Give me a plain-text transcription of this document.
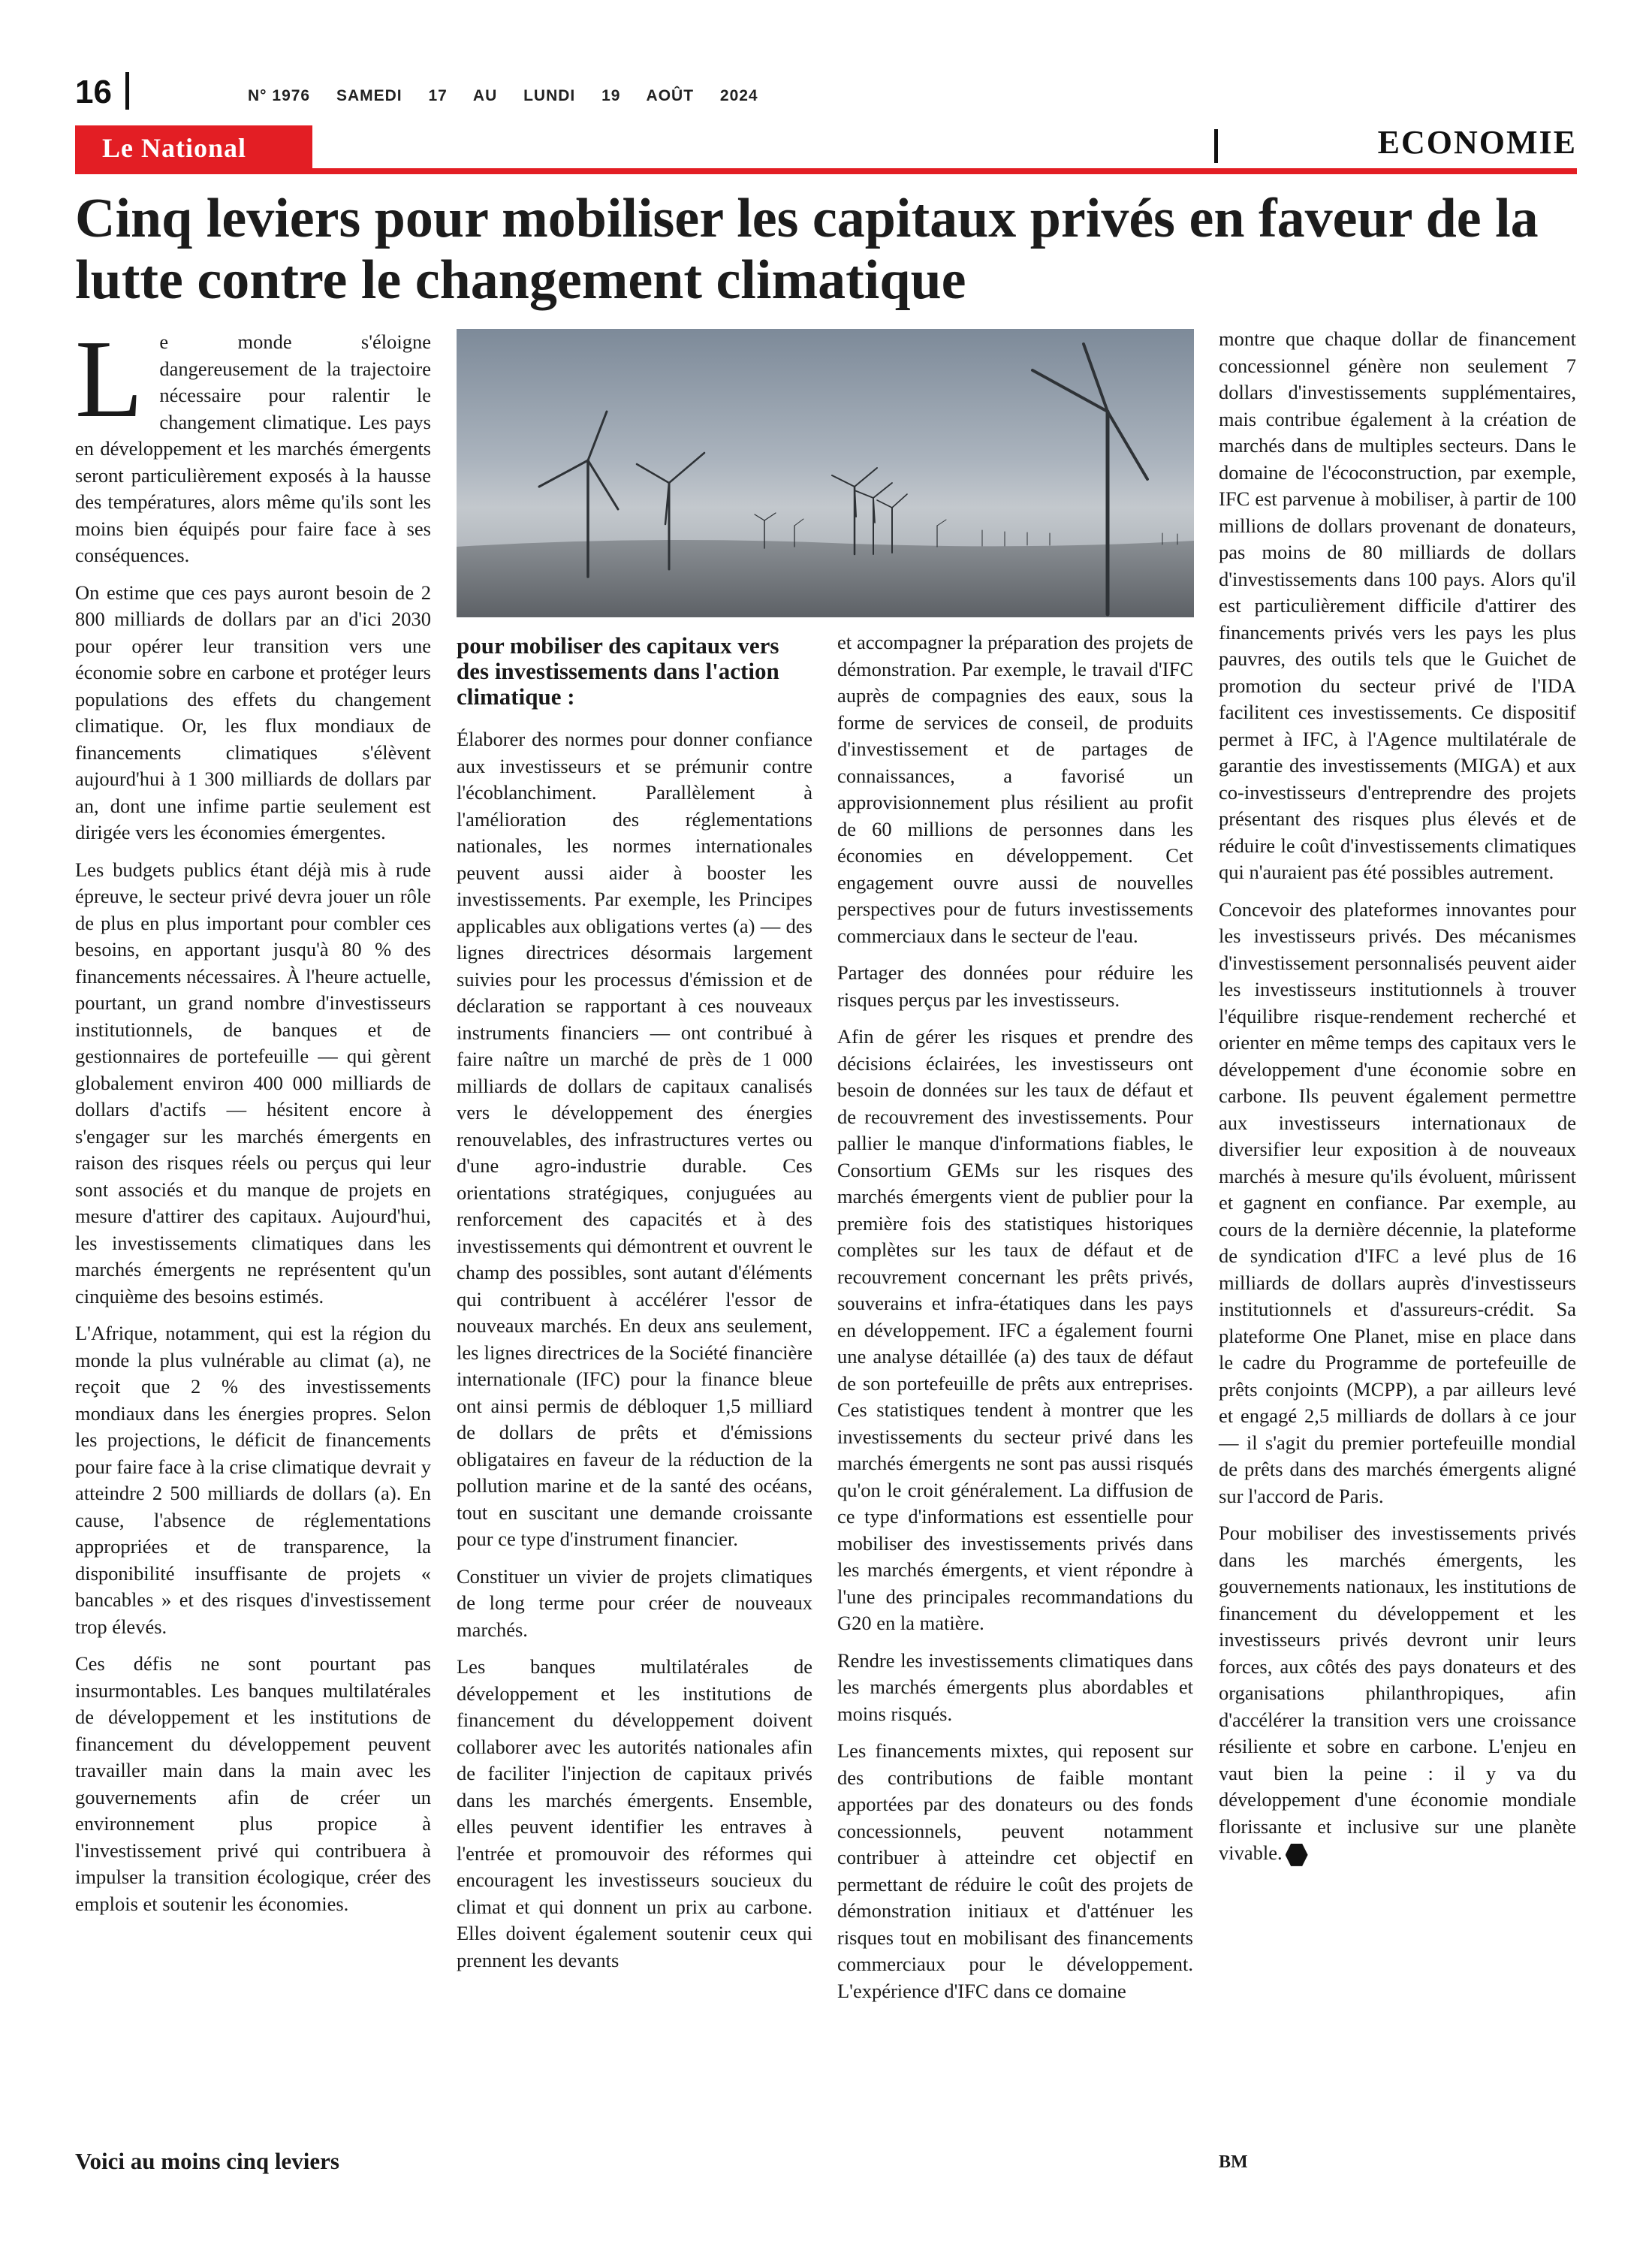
16	N° 1976 SAMEDI 17 AU LUNDI 19 AOÛT 2024
Le National	ECONOMIE
Cinq leviers pour mobiliser les capitaux privés en faveur de la lutte contre le changement climatique

Le monde s'éloigne dangereusement de la trajectoire nécessaire pour ralentir le changement climatique. Les pays en développement et les marchés émergents seront particulièrement exposés à la hausse des températures, alors même qu'ils sont les moins bien équipés pour faire face à ses conséquences.

On estime que ces pays auront besoin de 2 800 milliards de dollars par an d'ici 2030 pour opérer leur transition vers une économie sobre en carbone et protéger leurs populations des effets du changement climatique. Or, les flux mondiaux de financements climatiques s'élèvent aujourd'hui à 1 300 milliards de dollars par an, dont une infime partie seulement est dirigée vers les économies émergentes.

Les budgets publics étant déjà mis à rude épreuve, le secteur privé devra jouer un rôle de plus en plus important pour combler ces besoins, en apportant jusqu'à 80 % des financements nécessaires. À l'heure actuelle, pourtant, un grand nombre d'investisseurs institutionnels, de banques et de gestionnaires de portefeuille — qui gèrent globalement environ 400 000 milliards de dollars d'actifs — hésitent encore à s'engager sur les marchés émergents en raison des risques réels ou perçus qui leur sont associés et du manque de projets en mesure d'attirer des capitaux. Aujourd'hui, les investissements climatiques dans les marchés émergents ne représentent qu'un cinquième des besoins estimés.

L'Afrique, notamment, qui est la région du monde la plus vulnérable au climat (a), ne reçoit que 2 % des investissements mondiaux dans les énergies propres. Selon les projections, le déficit de financements pour faire face à la crise climatique devrait y atteindre 2 500 milliards de dollars (a). En cause, l'absence de réglementations appropriées et de transparence, la disponibilité insuffisante de projets « bancables » et des risques d'investissement trop élevés.

Ces défis ne sont pourtant pas insurmontables. Les banques multilatérales de développement et les institutions de financement du développement peuvent travailler main dans la main avec les gouvernements afin de créer un environnement plus propice à l'investissement privé qui contribuera à impulser la transition écologique, créer des emplois et soutenir les économies.

Voici au moins cinq leviers

pour mobiliser des capitaux vers des investissements dans l'action climatique :

Élaborer des normes pour donner confiance aux investisseurs et se prémunir contre l'écoblanchiment. Parallèlement à l'amélioration des réglementations nationales, les normes internationales peuvent aussi aider à booster les investissements. Par exemple, les Principes applicables aux obligations vertes (a) — des lignes directrices désormais largement suivies pour les processus d'émission et de déclaration se rapportant à ces nouveaux instruments financiers — ont contribué à faire naître un marché de près de 1 000 milliards de dollars de capitaux canalisés vers le développement des énergies renouvelables, des infrastructures vertes ou d'une agro-industrie durable. Ces orientations stratégiques, conjuguées au renforcement des capacités et à des investissements qui démontrent et ouvrent le champ des possibles, sont autant d'éléments qui contribuent à accélérer l'essor de nouveaux marchés. En deux ans seulement, les lignes directrices de la Société financière internationale (IFC) pour la finance bleue ont ainsi permis de débloquer 1,5 milliard de dollars de prêts et d'émissions obligataires en faveur de la réduction de la pollution marine et de la santé des océans, tout en suscitant une demande croissante pour ce type d'instrument financier.

Constituer un vivier de projets climatiques de long terme pour créer de nouveaux marchés.

Les banques multilatérales de développement et les institutions de financement du développement doivent collaborer avec les autorités nationales afin de faciliter l'injection de capitaux privés dans les marchés émergents. Ensemble, elles peuvent identifier les entraves à l'entrée et promouvoir des réformes qui encouragent les investisseurs soucieux du climat et qui donnent un prix au carbone. Elles doivent également soutenir ceux qui prennent les devants

et accompagner la préparation des projets de démonstration. Par exemple, le travail d'IFC auprès de compagnies des eaux, sous la forme de services de conseil, de produits d'investissement et de partages de connaissances, a favorisé un approvisionnement plus résilient au profit de 60 millions de personnes dans les économies en développement. Cet engagement ouvre aussi de nouvelles perspectives pour de futurs investissements commerciaux dans le secteur de l'eau.

Partager des données pour réduire les risques perçus par les investisseurs.

Afin de gérer les risques et prendre des décisions éclairées, les investisseurs ont besoin de données sur les taux de défaut et de recouvrement des investissements. Pour pallier le manque d'informations fiables, le Consortium GEMs sur les risques des marchés émergents vient de publier pour la première fois des statistiques historiques complètes sur les taux de défaut et de recouvrement concernant les prêts privés, souverains et infra-étatiques dans les pays en développement. IFC a également fourni une analyse détaillée (a) des taux de défaut de son portefeuille de prêts aux entreprises. Ces statistiques tendent à montrer que les investissements du secteur privé dans les marchés émergents ne sont pas aussi risqués qu'on le croit généralement. La diffusion de ce type d'informations est essentielle pour mobiliser des investissements privés dans les marchés émergents, et vient répondre à l'une des principales recommandations du G20 en la matière.

Rendre les investissements climatiques dans les marchés émergents plus abordables et moins risqués.

Les financements mixtes, qui reposent sur des contributions de faible montant apportées par des donateurs ou des fonds concessionnels, peuvent notamment contribuer à atteindre cet objectif en permettant de réduire le coût des projets de démonstration initiaux et d'atténuer les risques tout en mobilisant des financements commerciaux pour le développement. L'expérience d'IFC dans ce domaine

montre que chaque dollar de financement concessionnel génère non seulement 7 dollars d'investissements supplémentaires, mais contribue également à la création de marchés dans de multiples secteurs. Dans le domaine de l'écoconstruction, par exemple, IFC est parvenue à mobiliser, à partir de 100 millions de dollars provenant de donateurs, pas moins de 80 milliards de dollars d'investissements dans 100 pays. Alors qu'il est particulièrement difficile d'attirer des financements privés vers les pays les plus pauvres, des outils tels que le Guichet de promotion du secteur privé de l'IDA facilitent ces investissements. Ce dispositif permet à IFC, à l'Agence multilatérale de garantie des investissements (MIGA) et aux co-investisseurs d'entreprendre des projets présentant des risques plus élevés et de réduire le coût d'investissements climatiques qui n'auraient pas été possibles autrement.

Concevoir des plateformes innovantes pour les investisseurs privés. Des mécanismes d'investissement personnalisés peuvent aider les investisseurs institutionnels à trouver l'équilibre risque-rendement recherché et orienter en même temps des capitaux vers le développement d'une économie sobre en carbone. Ils peuvent également permettre aux investisseurs internationaux de diversifier leur exposition à de nouveaux marchés à mesure qu'ils évoluent, mûrissent et gagnent en confiance. Par exemple, au cours de la dernière décennie, la plateforme de syndication d'IFC a levé plus de 16 milliards de dollars auprès d'investisseurs institutionnels et d'assureurs-crédit. Sa plateforme One Planet, mise en place dans le cadre du Programme de portefeuille de prêts conjoints (MCPP), a par ailleurs levé et engagé 2,5 milliards de dollars à ce jour — il s'agit du premier portefeuille mondial de prêts dans des marchés émergents aligné sur l'accord de Paris.

Pour mobiliser des investissements privés dans les marchés émergents, les gouvernements nationaux, les institutions de financement du développement et les investisseurs privés devront unir leurs forces, aux côtés des pays donateurs et des organisations philanthropiques, afin d'accélérer la transition vers une croissance résiliente et sobre en carbone. L'enjeu en vaut bien la peine : il y va du développement d'une économie mondiale florissante et inclusive sur une planète vivable.

BM
